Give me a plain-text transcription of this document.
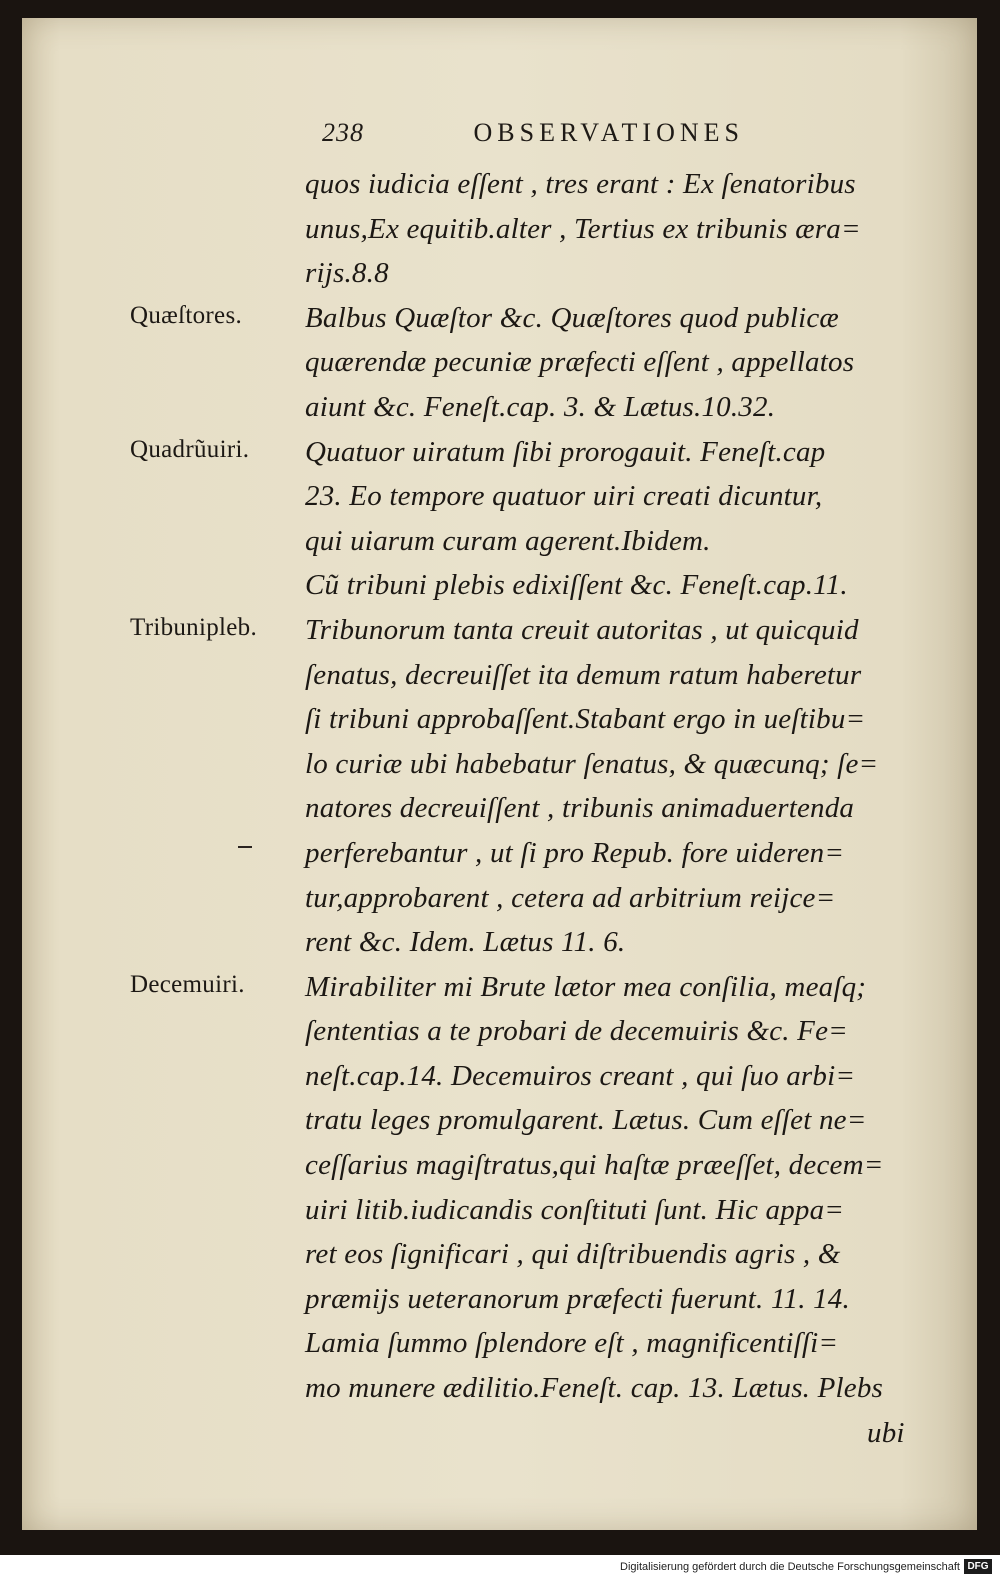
238	OBSERVATIONES
quos iudicia eſſent , tres erant : Ex ſenatoribus
unus,Ex equitib.alter , Tertius ex tribunis æra=
rijs.8.8
Quæſtores. Balbus Quæſtor &c. Quæſtores quod publicæ
quærendæ pecuniæ præfecti eſſent , appellatos
aiunt &c. Feneſt.cap. 3. & Lætus.10.32.
Quadrũuiri. Quatuor uiratum ſibi prorogauit. Feneſt.cap
23. Eo tempore quatuor uiri creati dicuntur,
qui uiarum curam agerent.Ibidem.
Cũ tribuni plebis edixiſſent &c. Feneſt.cap.11.
Tribunipleb. Tribunorum tanta creuit autoritas , ut quicquid
ſenatus, decreuiſſet ita demum ratum haberetur
ſi tribuni approbaſſent.Stabant ergo in ueſtibu=
lo curiæ ubi habebatur ſenatus, & quæcunq; ſe=
natores decreuiſſent , tribunis animaduertenda
perferebantur , ut ſi pro Repub. fore uideren=
tur,approbarent , cetera ad arbitrium reijce=
rent &c. Idem. Lætus 11. 6.
Decemuiri. Mirabiliter mi Brute lætor mea conſilia, meaſq;
ſententias a te probari de decemuiris &c. Fe=
neſt.cap.14. Decemuiros creant , qui ſuo arbi=
tratu leges promulgarent. Lætus. Cum eſſet ne=
ceſſarius magiſtratus,qui haſtæ præeſſet, decem=
uiri litib.iudicandis conſtituti ſunt. Hic appa=
ret eos ſignificari , qui diſtribuendis agris , &
præmijs ueteranorum præfecti fuerunt. 11. 14.
Lamia ſummo ſplendore eſt , magnificentiſſi=
mo munere ædilitio.Feneſt. cap. 13. Lætus. Plebs
ubi
Digitalisierung gefördert durch die Deutsche Forschungsgemeinschaft DFG
